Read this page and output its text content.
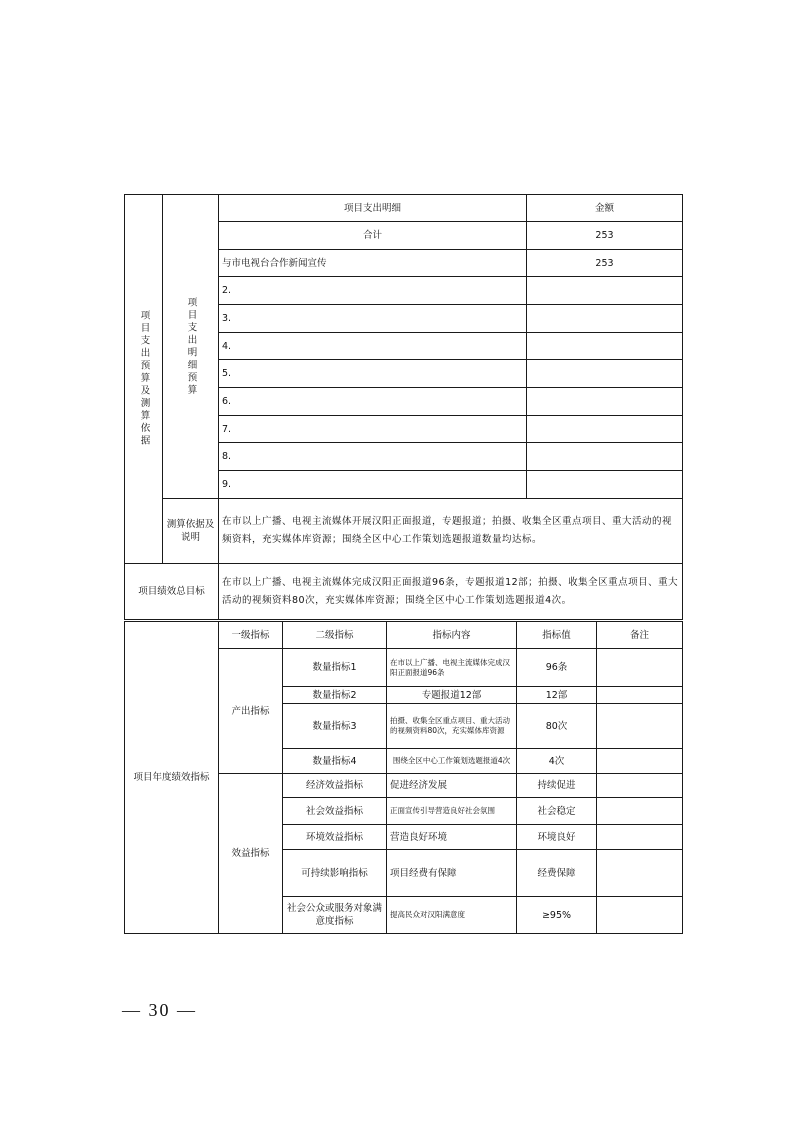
项目支出预算及测算依据	项目支出明细预算	项目支出明细	金额
		合计	253
		与市电视台合作新闻宣传	253
		2.	
		3.	
		4.	
		5.	
		6.	
		7.	
		8.	
		9.	
	测算依据及说明	在市以上广播、电视主流媒体开展汉阳正面报道，专题报道；拍摄、收集全区重点项目、重大活动的视频资料，充实媒体库资源；围绕全区中心工作策划选题报道数量均达标。	
项目绩效总目标		在市以上广播、电视主流媒体完成汉阳正面报道96条，专题报道12部；拍摄、收集全区重点项目、重大活动的视频资料80次，充实媒体库资源；围绕全区中心工作策划选题报道4次。	
项目年度绩效指标	一级指标	二级指标	指标内容	指标值	备注
	产出指标	数量指标1	在市以上广播、电视主流媒体完成汉阳正面报道96条	96条	
		数量指标2	专题报道12部	12部	
		数量指标3	拍摄、收集全区重点项目、重大活动的视频资料80次，充实媒体库资源	80次	
		数量指标4	围绕全区中心工作策划选题报道4次	4次	
	效益指标	经济效益指标	促进经济发展	持续促进	
		社会效益指标	正面宣传引导营造良好社会氛围	社会稳定	
		环境效益指标	营造良好环境	环境良好	
		可持续影响指标	项目经费有保障	经费保障	
		社会公众或服务对象满意度指标	提高民众对汉阳满意度	≥95%	
— 30 —
